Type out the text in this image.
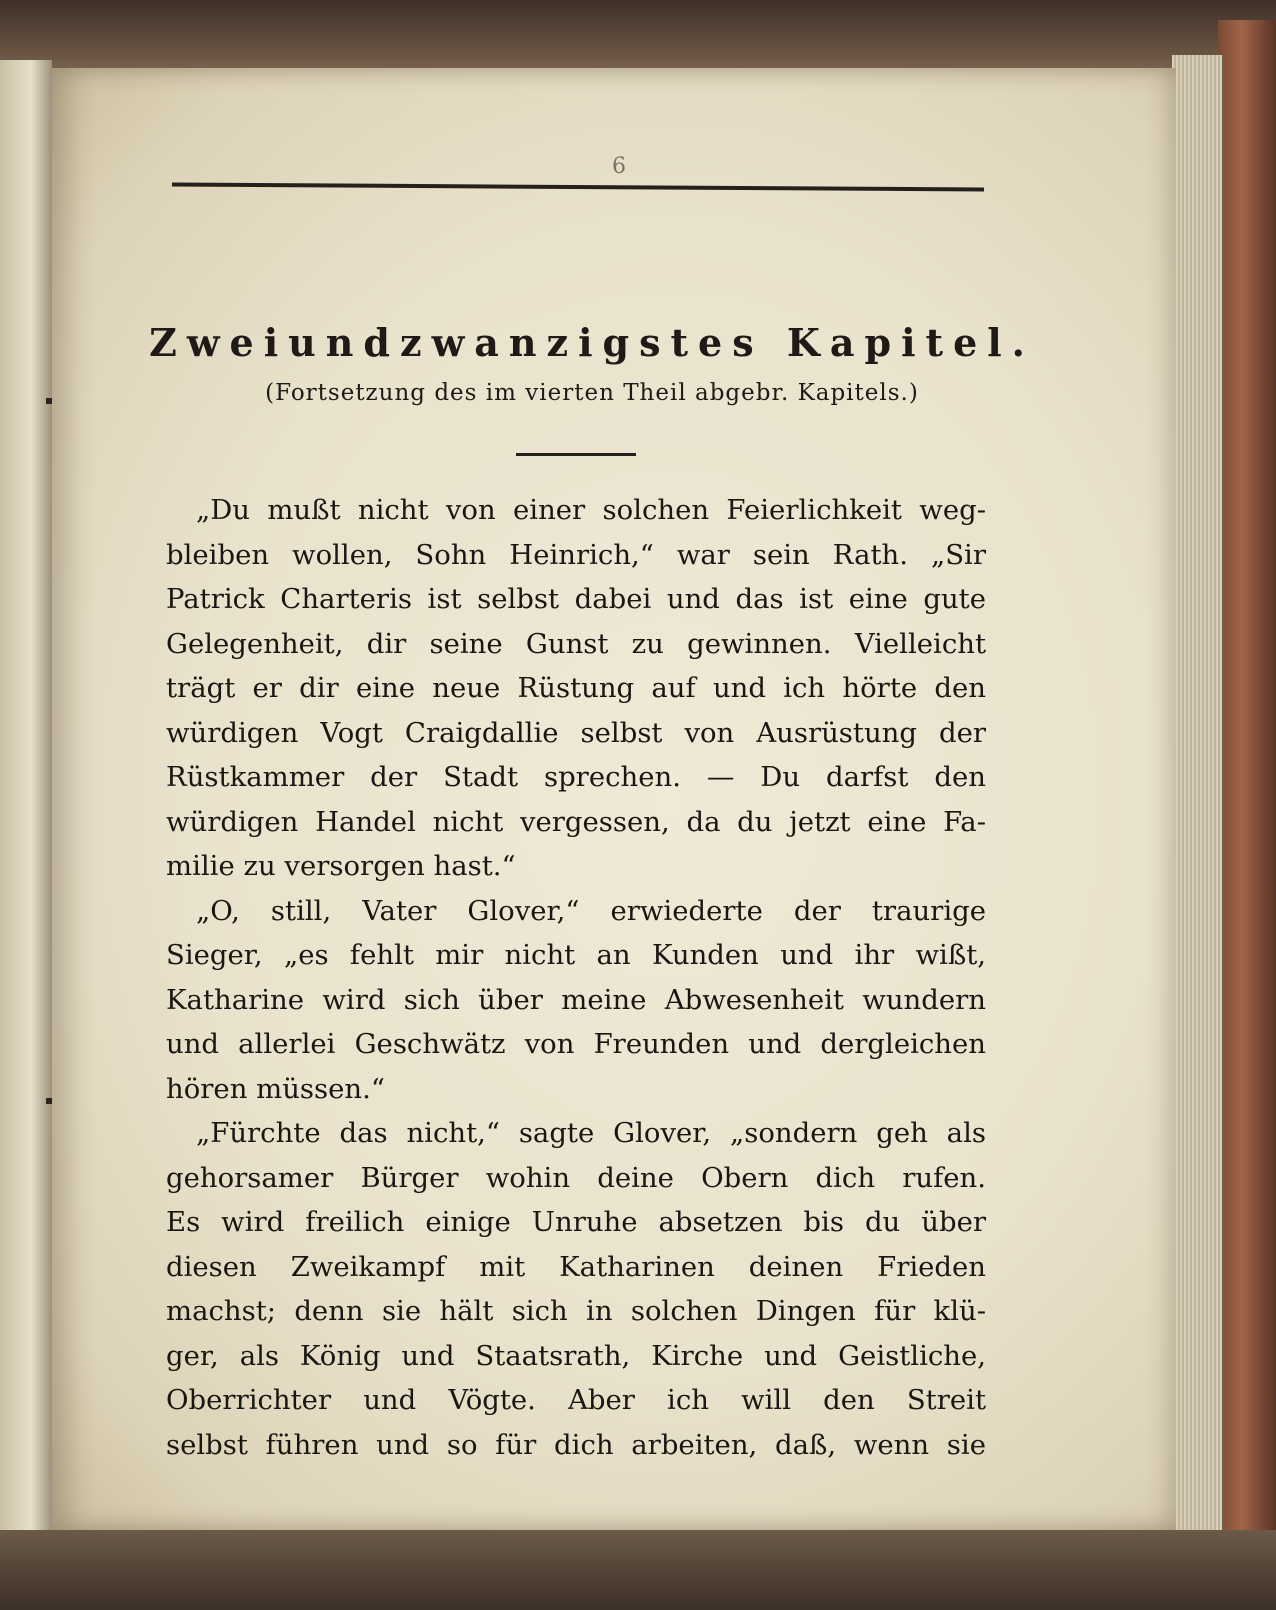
6
Zweiundzwanzigstes Kapitel.
(Fortsetzung des im vierten Theil abgebr. Kapitels.)
„Du mußt nicht von einer solchen Feierlichkeit weg-
bleiben wollen, Sohn Heinrich,“ war sein Rath. „Sir
Patrick Charteris ist selbst dabei und das ist eine gute
Gelegenheit, dir seine Gunst zu gewinnen. Vielleicht
trägt er dir eine neue Rüstung auf und ich hörte den
würdigen Vogt Craigdallie selbst von Ausrüstung der
Rüstkammer der Stadt sprechen. — Du darfst den
würdigen Handel nicht vergessen, da du jetzt eine Fa-
milie zu versorgen hast.“
„O, still, Vater Glover,“ erwiederte der traurige
Sieger, „es fehlt mir nicht an Kunden und ihr wißt,
Katharine wird sich über meine Abwesenheit wundern
und allerlei Geschwätz von Freunden und dergleichen
hören müssen.“
„Fürchte das nicht,“ sagte Glover, „sondern geh als
gehorsamer Bürger wohin deine Obern dich rufen.
Es wird freilich einige Unruhe absetzen bis du über
diesen Zweikampf mit Katharinen deinen Frieden
machst; denn sie hält sich in solchen Dingen für klü-
ger, als König und Staatsrath, Kirche und Geistliche,
Oberrichter und Vögte. Aber ich will den Streit
selbst führen und so für dich arbeiten, daß, wenn sie
